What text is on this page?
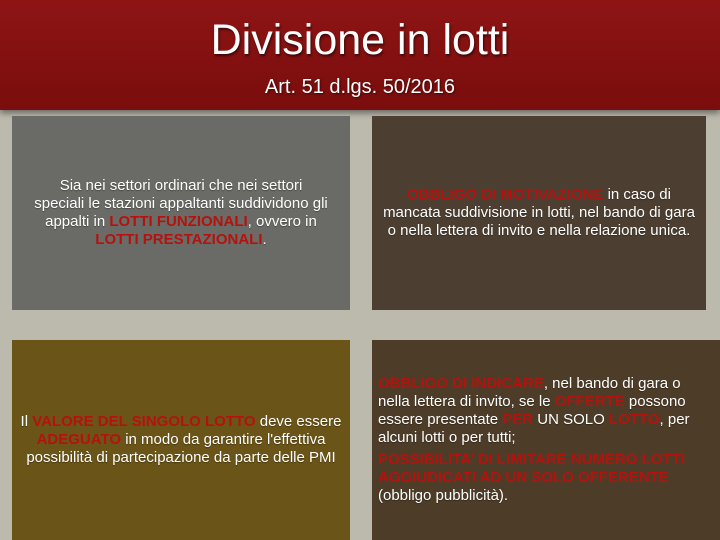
Divisione in lotti
Art. 51 d.lgs. 50/2016
Sia nei settori ordinari che nei settori speciali le stazioni appaltanti suddividono gli appalti in LOTTI FUNZIONALI, ovvero in LOTTI PRESTAZIONALI.
OBBLIGO DI MOTIVAZIONE in caso di mancata suddivisione in lotti, nel bando di gara o nella lettera di invito e nella relazione unica.
Il VALORE DEL SINGOLO LOTTO deve essere ADEGUATO in modo da garantire l'effettiva possibilità di partecipazione da parte delle PMI
OBBLIGO DI INDICARE, nel bando di gara o nella lettera di invito, se le OFFERTE possono essere presentate PER UN SOLO LOTTO, per alcuni lotti o per tutti;
POSSIBILITA’ DI LIMITARE NUMERO LOTTI AGGIUDICATI AD UN SOLO OFFERENTE (obbligo pubblicità).
